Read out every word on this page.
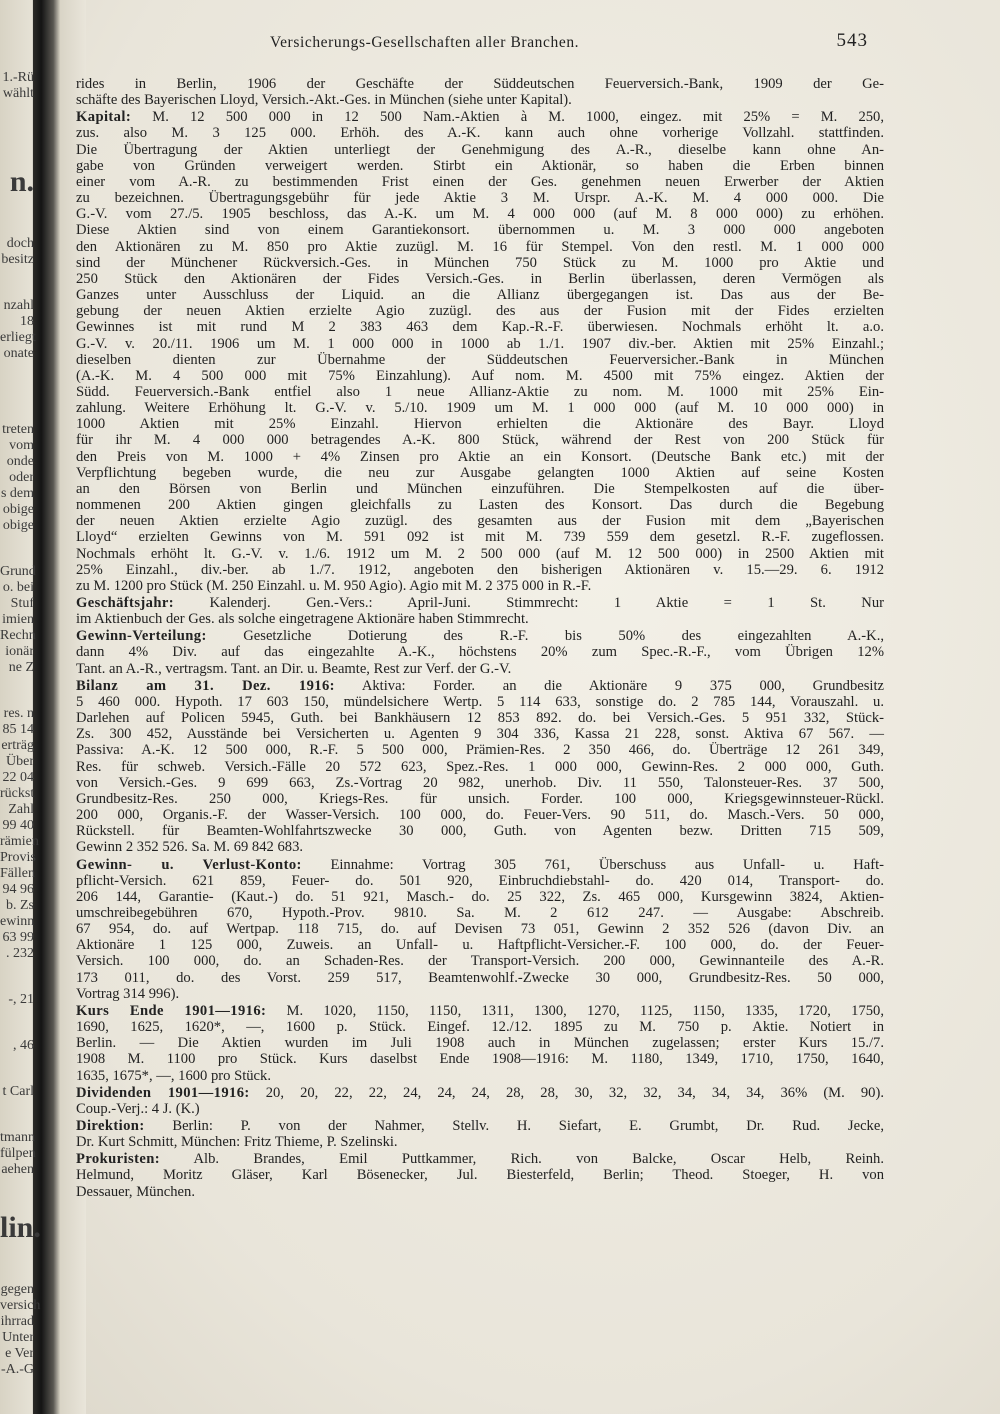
1.-Rü
wählt
n.
doch
besitz
nzahl
18
erliegt
onate
treten
vom
onde
oder
s dem
obige
obige
Grund
o. bei
Stuf
imien
Rechn
ionär
ne Z
res. n
85 14
erträg
Über
22 04
rückst
Zahl
99 40
rämien
Provis
Fällen
94 96
b. Zs
ewinn
63 99
. 232
-, 21
, 46
t Carl
tmann
fülpen
aehen
lin.
gegen
versich
ihrrad
Unter
e Ver
-A.-G
Versicherungs-Gesellschaften aller Branchen.	543

rides in Berlin, 1906 der Geschäfte der Süddeutschen Feuerversich.-Bank, 1909 der Ge-

schäfte des Bayerischen Lloyd, Versich.-Akt.-Ges. in München (siehe unter Kapital).

Kapital: M. 12 500 000 in 12 500 Nam.-Aktien à M. 1000, eingez. mit 25% = M. 250,

zus. also M. 3 125 000. Erhöh. des A.-K. kann auch ohne vorherige Vollzahl. stattfinden.

Die Übertragung der Aktien unterliegt der Genehmigung des A.-R., dieselbe kann ohne An-

gabe von Gründen verweigert werden. Stirbt ein Aktionär, so haben die Erben binnen

einer vom A.-R. zu bestimmenden Frist einen der Ges. genehmen neuen Erwerber der Aktien

zu bezeichnen. Übertragungsgebühr für jede Aktie 3 M. Urspr. A.-K. M. 4 000 000. Die

G.-V. vom 27./5. 1905 beschloss, das A.-K. um M. 4 000 000 (auf M. 8 000 000) zu erhöhen.

Diese Aktien sind von einem Garantiekonsort. übernommen u. M. 3 000 000 angeboten

den Aktionären zu M. 850 pro Aktie zuzügl. M. 16 für Stempel. Von den restl. M. 1 000 000

sind der Münchener Rückversich.-Ges. in München 750 Stück zu M. 1000 pro Aktie und

250 Stück den Aktionären der Fides Versich.-Ges. in Berlin überlassen, deren Vermögen als

Ganzes unter Ausschluss der Liquid. an die Allianz übergegangen ist. Das aus der Be-

gebung der neuen Aktien erzielte Agio zuzügl. des aus der Fusion mit der Fides erzielten

Gewinnes ist mit rund M 2 383 463 dem Kap.-R.-F. überwiesen. Nochmals erhöht lt. a.o.

G.-V. v. 20./11. 1906 um M. 1 000 000 in 1000 ab 1./1. 1907 div.-ber. Aktien mit 25% Einzahl.;

dieselben dienten zur Übernahme der Süddeutschen Feuerversicher.-Bank in München

(A.-K. M. 4 500 000 mit 75% Einzahlung). Auf nom. M. 4500 mit 75% eingez. Aktien der

Südd. Feuerversich.-Bank entfiel also 1 neue Allianz-Aktie zu nom. M. 1000 mit 25% Ein-

zahlung. Weitere Erhöhung lt. G.-V. v. 5./10. 1909 um M. 1 000 000 (auf M. 10 000 000) in

1000 Aktien mit 25% Einzahl. Hiervon erhielten die Aktionäre des Bayr. Lloyd

für ihr M. 4 000 000 betragendes A.-K. 800 Stück, während der Rest von 200 Stück für

den Preis von M. 1000 + 4% Zinsen pro Aktie an ein Konsort. (Deutsche Bank etc.) mit der

Verpflichtung begeben wurde, die neu zur Ausgabe gelangten 1000 Aktien auf seine Kosten

an den Börsen von Berlin und München einzuführen. Die Stempelkosten auf die über-

nommenen 200 Aktien gingen gleichfalls zu Lasten des Konsort. Das durch die Begebung

der neuen Aktien erzielte Agio zuzügl. des gesamten aus der Fusion mit dem „Bayerischen

Lloyd“ erzielten Gewinns von M. 591 092 ist mit M. 739 559 dem gesetzl. R.-F. zugeflossen.

Nochmals erhöht lt. G.-V. v. 1./6. 1912 um M. 2 500 000 (auf M. 12 500 000) in 2500 Aktien mit

25% Einzahl., div.-ber. ab 1./7. 1912, angeboten den bisherigen Aktionären v. 15.—29. 6. 1912

zu M. 1200 pro Stück (M. 250 Einzahl. u. M. 950 Agio). Agio mit M. 2 375 000 in R.-F.

Geschäftsjahr: Kalenderj. Gen.-Vers.: April-Juni. Stimmrecht: 1 Aktie = 1 St. Nur

im Aktienbuch der Ges. als solche eingetragene Aktionäre haben Stimmrecht.

Gewinn-Verteilung:	Gesetzliche Dotierung des R.-F. bis 50% des eingezahlten A.-K.,

dann 4% Div. auf das eingezahlte A.-K., höchstens 20% zum Spec.-R.-F., vom Übrigen 12%

Tant. an A.-R., vertragsm. Tant. an Dir. u. Beamte, Rest zur Verf. der G.-V.

Bilanz am 31. Dez. 1916: Aktiva: Forder. an die Aktionäre 9 375 000, Grundbesitz

5 460 000. Hypoth. 17 603 150, mündelsichere Wertp. 5 114 633, sonstige do. 2 785 144, Vorauszahl. u.

Darlehen auf Policen 5945, Guth. bei Bankhäusern 12 853 892. do. bei Versich.-Ges. 5 951 332, Stück-

Zs. 300 452, Ausstände bei Versicherten u. Agenten 9 304 336, Kassa 21 228, sonst. Aktiva 67 567. —

Passiva: A.-K. 12 500 000, R.-F. 5 500 000, Prämien-Res. 2 350 466, do. Überträge 12 261 349,

Res. für schweb. Versich.-Fälle 20 572 623, Spez.-Res. 1 000 000, Gewinn-Res. 2 000 000, Guth.

von Versich.-Ges. 9 699 663, Zs.-Vortrag 20 982, unerhob. Div. 11 550, Talonsteuer-Res. 37 500,

Grundbesitz-Res. 250 000, Kriegs-Res. für unsich. Forder. 100 000, Kriegsgewinnsteuer-Rückl.

200 000, Organis.-F. der Wasser-Versich. 100 000, do. Feuer-Vers. 90 511, do. Masch.-Vers. 50 000,

Rückstell. für Beamten-Wohlfahrtszwecke 30 000, Guth. von Agenten bezw. Dritten 715 509,

Gewinn 2 352 526. Sa. M. 69 842 683.

Gewinn- u. Verlust-Konto: Einnahme: Vortrag 305 761, Überschuss aus Unfall- u. Haft-

pflicht-Versich. 621 859, Feuer- do. 501 920, Einbruchdiebstahl- do. 420 014, Transport- do.

206 144, Garantie- (Kaut.-) do. 51 921, Masch.- do. 25 322, Zs. 465 000, Kursgewinn 3824, Aktien-

umschreibegebühren 670, Hypoth.-Prov. 9810. Sa. M. 2 612 247. — Ausgabe: Abschreib.

67 954, do. auf Wertpap. 118 715, do. auf Devisen 73 051, Gewinn 2 352 526 (davon Div. an

Aktionäre 1 125 000, Zuweis. an Unfall- u. Haftpflicht-Versicher.-F. 100 000, do. der Feuer-

Versich. 100 000, do. an Schaden-Res. der Transport-Versich. 200 000, Gewinnanteile des A.-R.

173 011, do. des Vorst. 259 517, Beamtenwohlf.-Zwecke 30 000, Grundbesitz-Res. 50 000,

Vortrag 314 996).

Kurs Ende 1901—1916: M. 1020, 1150, 1150, 1311, 1300, 1270, 1125, 1150, 1335, 1720, 1750,

1690, 1625, 1620*, —, 1600 p. Stück. Eingef. 12./12. 1895 zu M. 750 p. Aktie. Notiert in

Berlin. — Die Aktien wurden im Juli 1908 auch in München zugelassen; erster Kurs 15./7.

1908 M. 1100 pro Stück. Kurs daselbst Ende 1908—1916: M. 1180, 1349, 1710, 1750, 1640,

1635, 1675*, —, 1600 pro Stück.

Dividenden 1901—1916: 20, 20, 22, 22, 24, 24, 24, 28, 28, 30, 32, 32, 34, 34, 34, 36% (M. 90).

Coup.-Verj.: 4 J. (K.)

Direktion: Berlin: P. von der Nahmer, Stellv. H. Siefart, E. Grumbt, Dr. Rud. Jecke,

Dr. Kurt Schmitt, München: Fritz Thieme, P. Szelinski.

Prokuristen: Alb. Brandes, Emil Puttkammer, Rich. von Balcke, Oscar Helb, Reinh.

Helmund, Moritz Gläser, Karl Bösenecker, Jul. Biesterfeld, Berlin; Theod. Stoeger, H. von

Dessauer, München.
